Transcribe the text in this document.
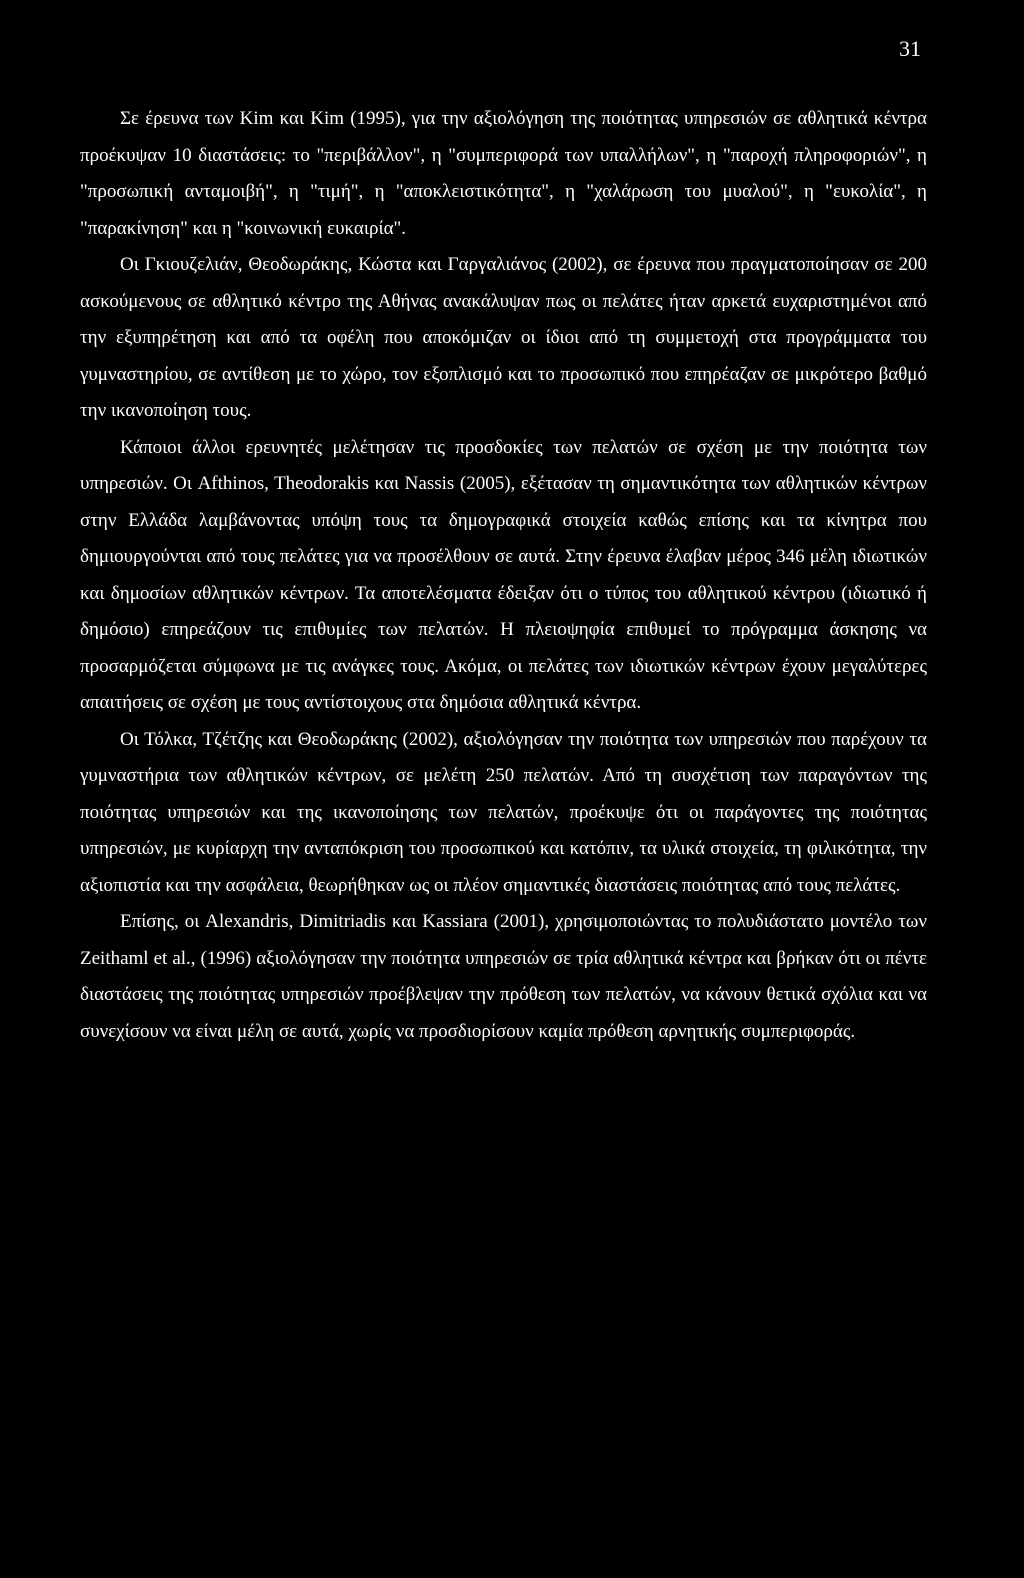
31

Σε έρευνα των Kim και Kim (1995), για την αξιολόγηση της ποιότητας υπηρεσιών σε αθλητικά κέντρα προέκυψαν 10 διαστάσεις: το "περιβάλλον", η "συμπεριφορά των υπαλλήλων", η "παροχή πληροφοριών", η "προσωπική ανταμοιβή", η "τιμή", η "αποκλειστικότητα", η "χαλάρωση του μυαλού", η "ευκολία", η "παρακίνηση" και η "κοινωνική ευκαιρία".

Οι Γκιουζελιάν, Θεοδωράκης, Κώστα και Γαργαλιάνος (2002), σε έρευνα που πραγματοποίησαν σε 200 ασκούμενους σε αθλητικό κέντρο της Αθήνας ανακάλυψαν πως οι πελάτες ήταν αρκετά ευχαριστημένοι από την εξυπηρέτηση και από τα οφέλη που αποκόμιζαν οι ίδιοι από τη συμμετοχή στα προγράμματα του γυμναστηρίου, σε αντίθεση με το χώρο, τον εξοπλισμό και το προσωπικό που επηρέαζαν σε μικρότερο βαθμό την ικανοποίηση τους.

Κάποιοι άλλοι ερευνητές μελέτησαν τις προσδοκίες των πελατών σε σχέση με την ποιότητα των υπηρεσιών. Οι Afthinos, Theodorakis και Nassis (2005), εξέτασαν τη σημαντικότητα των αθλητικών κέντρων στην Ελλάδα λαμβάνοντας υπόψη τους τα δημογραφικά στοιχεία καθώς επίσης και τα κίνητρα που δημιουργούνται από τους πελάτες για να προσέλθουν σε αυτά. Στην έρευνα έλαβαν μέρος 346 μέλη ιδιωτικών και δημοσίων αθλητικών κέντρων. Τα αποτελέσματα έδειξαν ότι ο τύπος του αθλητικού κέντρου (ιδιωτικό ή δημόσιο) επηρεάζουν τις επιθυμίες των πελατών. Η πλειοψηφία επιθυμεί το πρόγραμμα άσκησης να προσαρμόζεται σύμφωνα με τις ανάγκες τους. Ακόμα, οι πελάτες των ιδιωτικών κέντρων έχουν μεγαλύτερες απαιτήσεις σε σχέση με τους αντίστοιχους στα δημόσια αθλητικά κέντρα.

Οι Τόλκα, Τζέτζης και Θεοδωράκης (2002), αξιολόγησαν την ποιότητα των υπηρεσιών που παρέχουν τα γυμναστήρια των αθλητικών κέντρων, σε μελέτη 250 πελατών. Από τη συσχέτιση των παραγόντων της ποιότητας υπηρεσιών και της ικανοποίησης των πελατών, προέκυψε ότι οι παράγοντες της ποιότητας υπηρεσιών, με κυρίαρχη την ανταπόκριση του προσωπικού και κατόπιν, τα υλικά στοιχεία, τη φιλικότητα, την αξιοπιστία και την ασφάλεια, θεωρήθηκαν ως οι πλέον σημαντικές διαστάσεις ποιότητας από τους πελάτες.

Επίσης, οι Alexandris, Dimitriadis και Kassiara (2001), χρησιμοποιώντας το πολυδιάστατο μοντέλο των Zeithaml et al., (1996) αξιολόγησαν την ποιότητα υπηρεσιών σε τρία αθλητικά κέντρα και βρήκαν ότι οι πέντε διαστάσεις της ποιότητας υπηρεσιών προέβλεψαν την πρόθεση των πελατών, να κάνουν θετικά σχόλια και να συνεχίσουν να είναι μέλη σε αυτά, χωρίς να προσδιορίσουν καμία πρόθεση αρνητικής συμπεριφοράς.
